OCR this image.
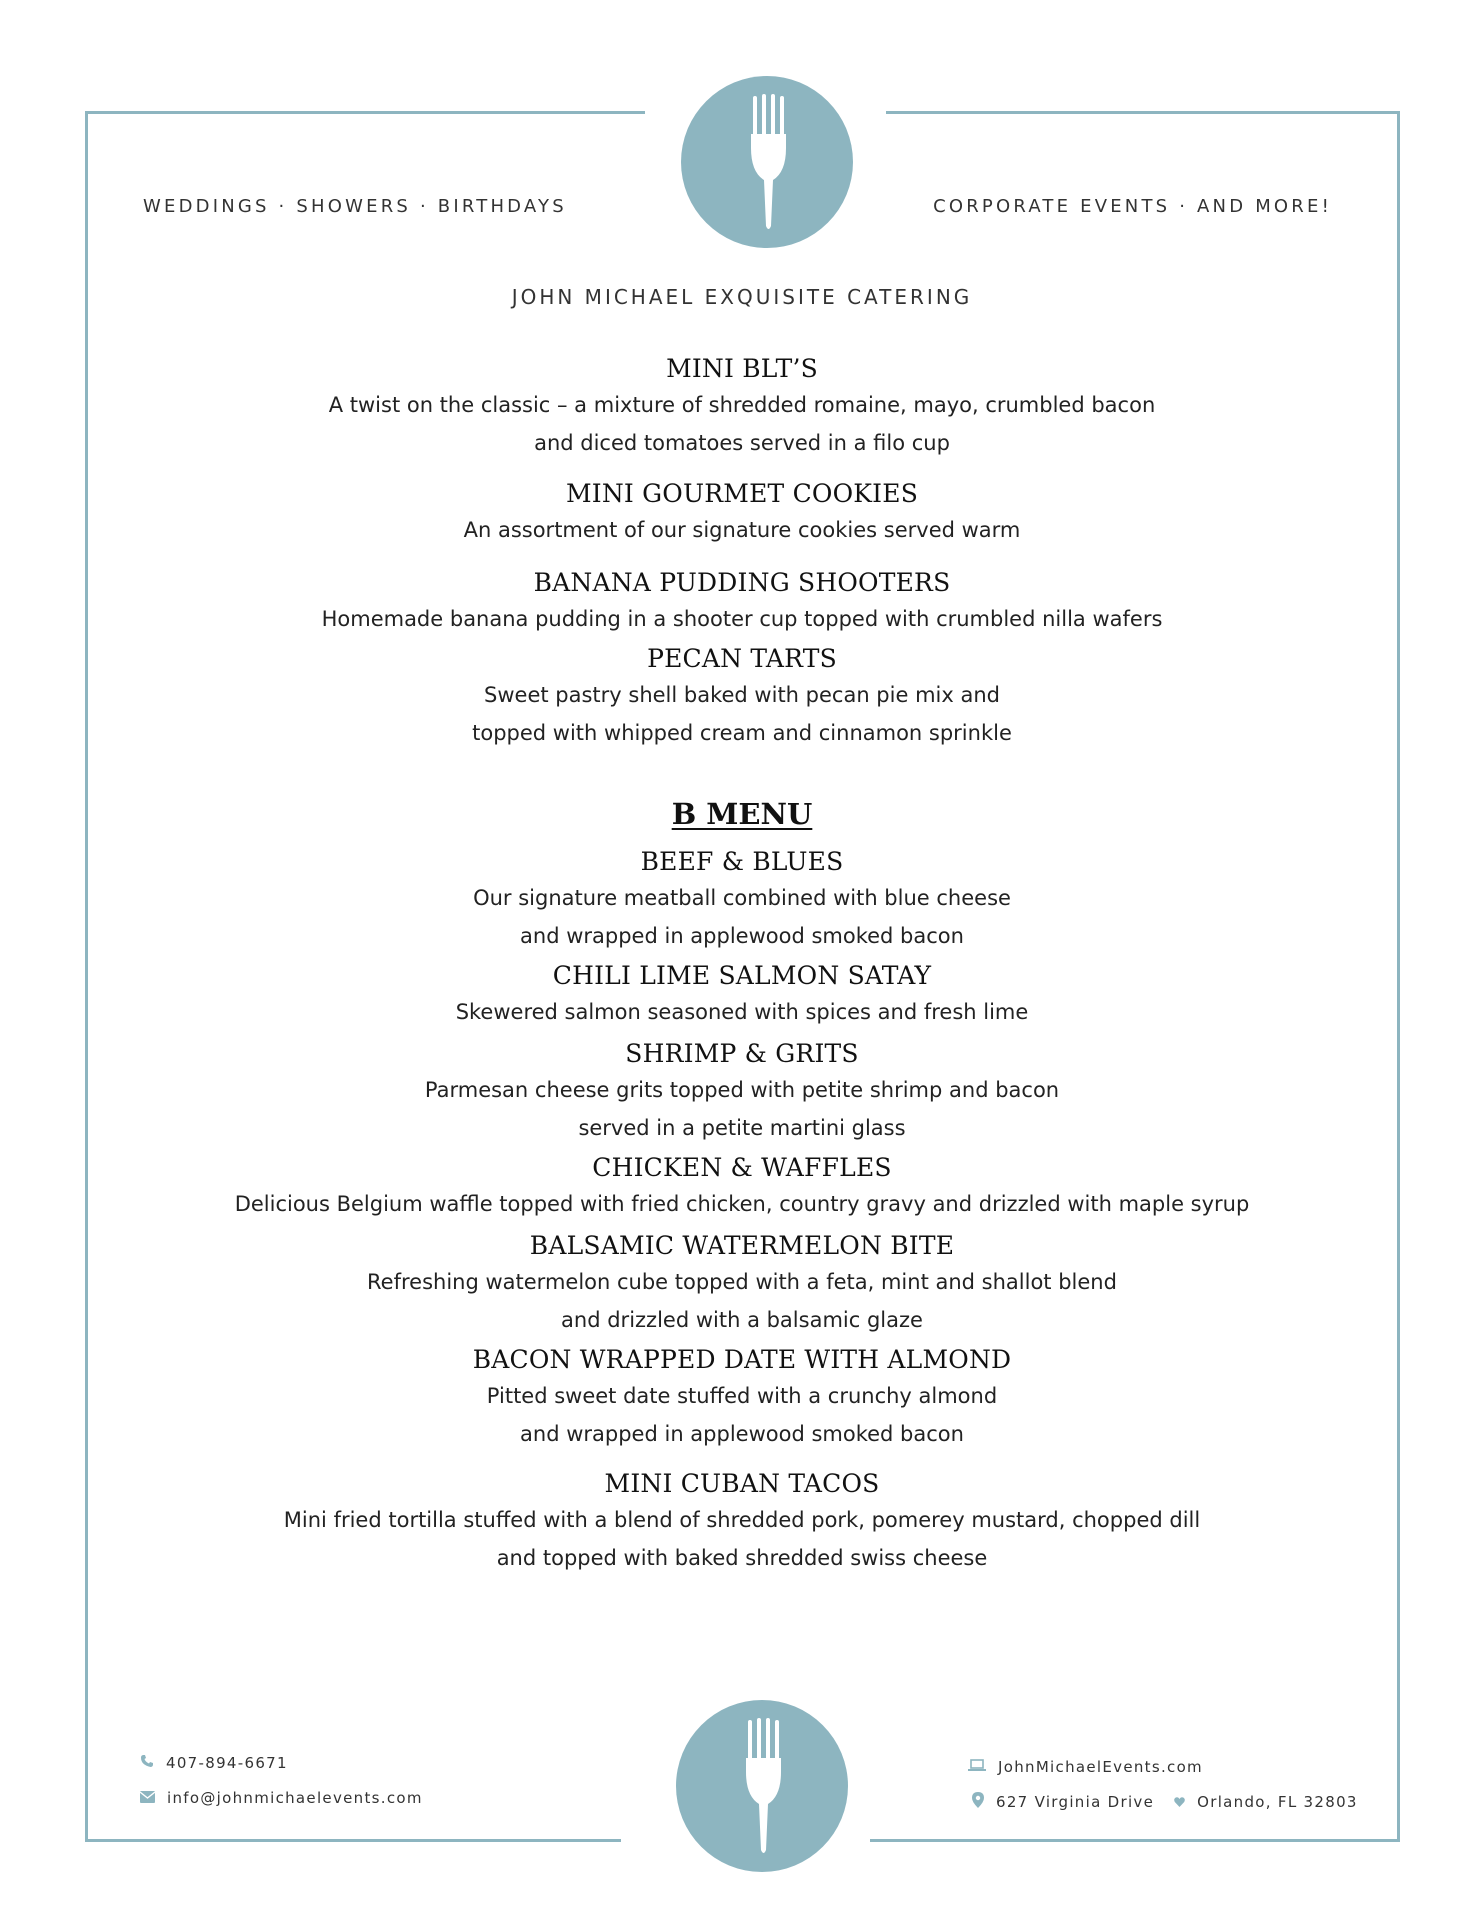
WEDDINGS · SHOWERS · BIRTHDAYS	CORPORATE EVENTS · AND MORE!
JOHN MICHAEL EXQUISITE CATERING
MINI BLT’S
A twist on the classic – a mixture of shredded romaine, mayo, crumbled bacon
and diced tomatoes served in a filo cup
MINI GOURMET COOKIES
An assortment of our signature cookies served warm
BANANA PUDDING SHOOTERS
Homemade banana pudding in a shooter cup topped with crumbled nilla wafers
PECAN TARTS
Sweet pastry shell baked with pecan pie mix and
topped with whipped cream and cinnamon sprinkle
B MENU
BEEF & BLUES
Our signature meatball combined with blue cheese
and wrapped in applewood smoked bacon
CHILI LIME SALMON SATAY
Skewered salmon seasoned with spices and fresh lime
SHRIMP & GRITS
Parmesan cheese grits topped with petite shrimp and bacon
served in a petite martini glass
CHICKEN & WAFFLES
Delicious Belgium waffle topped with fried chicken, country gravy and drizzled with maple syrup
BALSAMIC WATERMELON BITE
Refreshing watermelon cube topped with a feta, mint and shallot blend
and drizzled with a balsamic glaze
BACON WRAPPED DATE WITH ALMOND
Pitted sweet date stuffed with a crunchy almond
and wrapped in applewood smoked bacon
MINI CUBAN TACOS
Mini fried tortilla stuffed with a blend of shredded pork, pomerey mustard, chopped dill
and topped with baked shredded swiss cheese
407-894-6671
info@johnmichaelevents.com
JohnMichaelEvents.com
627 Virginia Drive	Orlando, FL 32803
